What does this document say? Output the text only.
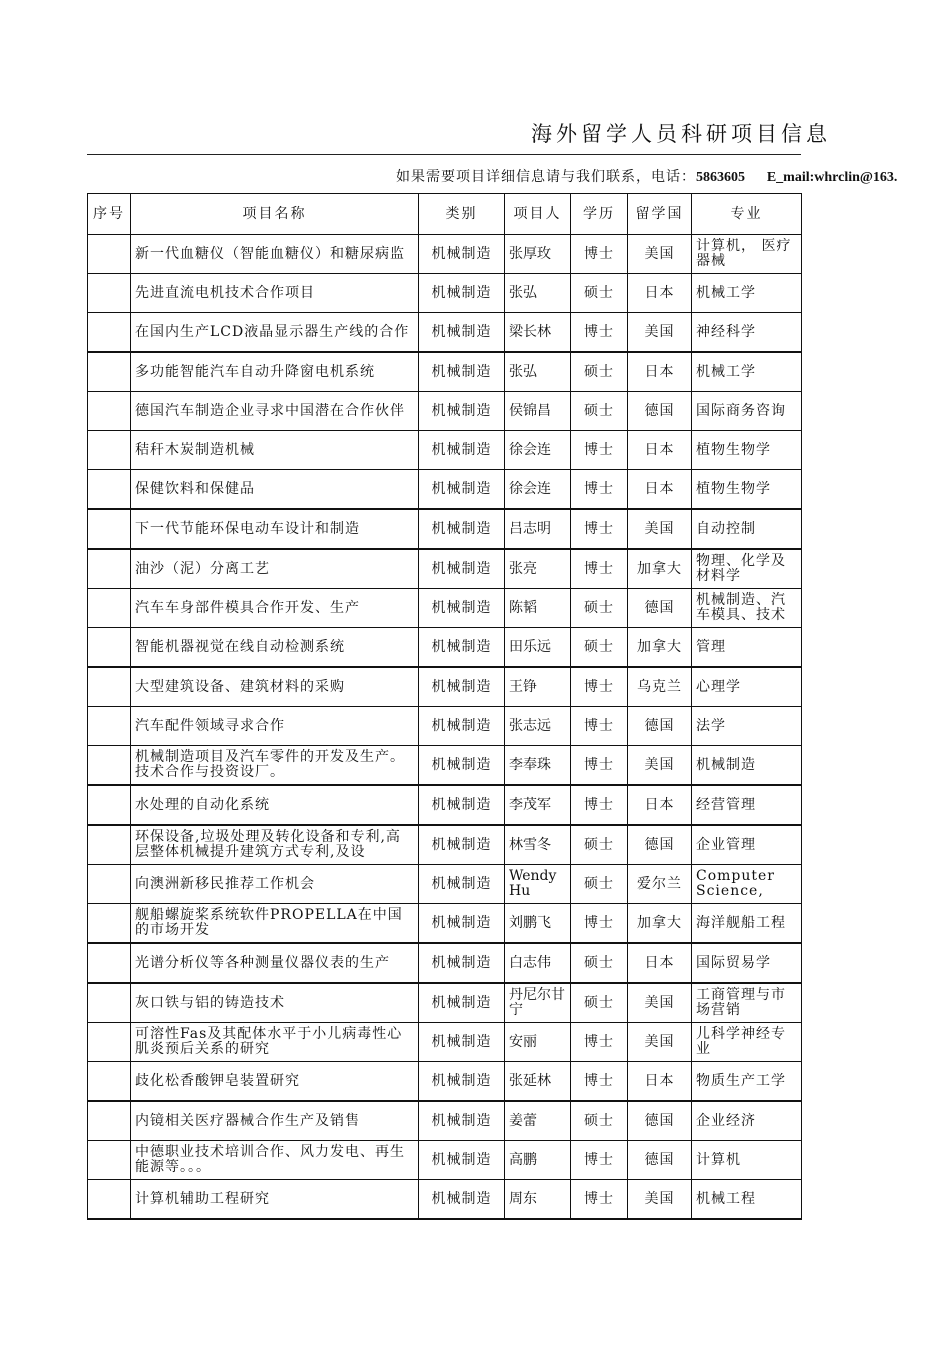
海外留学人员科研项目信息
如果需要项目详细信息请与我们联系，电话：5863605 E_mail:whrclin@163.
序号	项目名称	类别	项目人	学历	留学国	专业
	新一代血糖仪（智能血糖仪）和糖尿病监	机械制造	张厚玫	博士	美国	计算机， 医疗器械
	先进直流电机技术合作项目	机械制造	张弘	硕士	日本	机械工学
	在国内生产LCD液晶显示器生产线的合作	机械制造	梁长林	博士	美国	神经科学
	多功能智能汽车自动升降窗电机系统	机械制造	张弘	硕士	日本	机械工学
	德国汽车制造企业寻求中国潜在合作伙伴	机械制造	侯锦昌	硕士	德国	国际商务咨询
	秸秆木炭制造机械	机械制造	徐会连	博士	日本	植物生物学
	保健饮料和保健品	机械制造	徐会连	博士	日本	植物生物学
	下一代节能环保电动车设计和制造	机械制造	吕志明	博士	美国	自动控制
	油沙（泥）分离工艺	机械制造	张亮	博士	加拿大	物理、化学及材料学
	汽车车身部件模具合作开发、生产	机械制造	陈韬	硕士	德国	机械制造、汽车模具、技术
	智能机器视觉在线自动检测系统	机械制造	田乐远	硕士	加拿大	管理
	大型建筑设备、建筑材料的采购	机械制造	王铮	博士	乌克兰	心理学
	汽车配件领域寻求合作	机械制造	张志远	博士	德国	法学
	机械制造项目及汽车零件的开发及生产。技术合作与投资设厂。	机械制造	李奉珠	博士	美国	机械制造
	水处理的自动化系统	机械制造	李茂军	博士	日本	经营管理
	环保设备,垃圾处理及转化设备和专利,高层整体机械提升建筑方式专利,及设	机械制造	林雪冬	硕士	德国	企业管理
	向澳洲新移民推荐工作机会	机械制造	Wendy Hu	硕士	爱尔兰	Computer Science,
	舰船螺旋桨系统软件PROPELLA在中国的市场开发	机械制造	刘鹏飞	博士	加拿大	海洋舰船工程
	光谱分析仪等各种测量仪器仪表的生产	机械制造	白志伟	硕士	日本	国际贸易学
	灰口铁与铝的铸造技术	机械制造	丹尼尔甘宁	硕士	美国	工商管理与市场营销
	可溶性Fas及其配体水平于小儿病毒性心肌炎预后关系的研究	机械制造	安丽	博士	美国	儿科学神经专业
	歧化松香酸钾皂装置研究	机械制造	张延林	博士	日本	物质生产工学
	内镜相关医疗器械合作生产及销售	机械制造	姜蕾	硕士	德国	企业经济
	中德职业技术培训合作、风力发电、再生能源等。。。	机械制造	高鹏	博士	德国	计算机
	计算机辅助工程研究	机械制造	周东	博士	美国	机械工程
